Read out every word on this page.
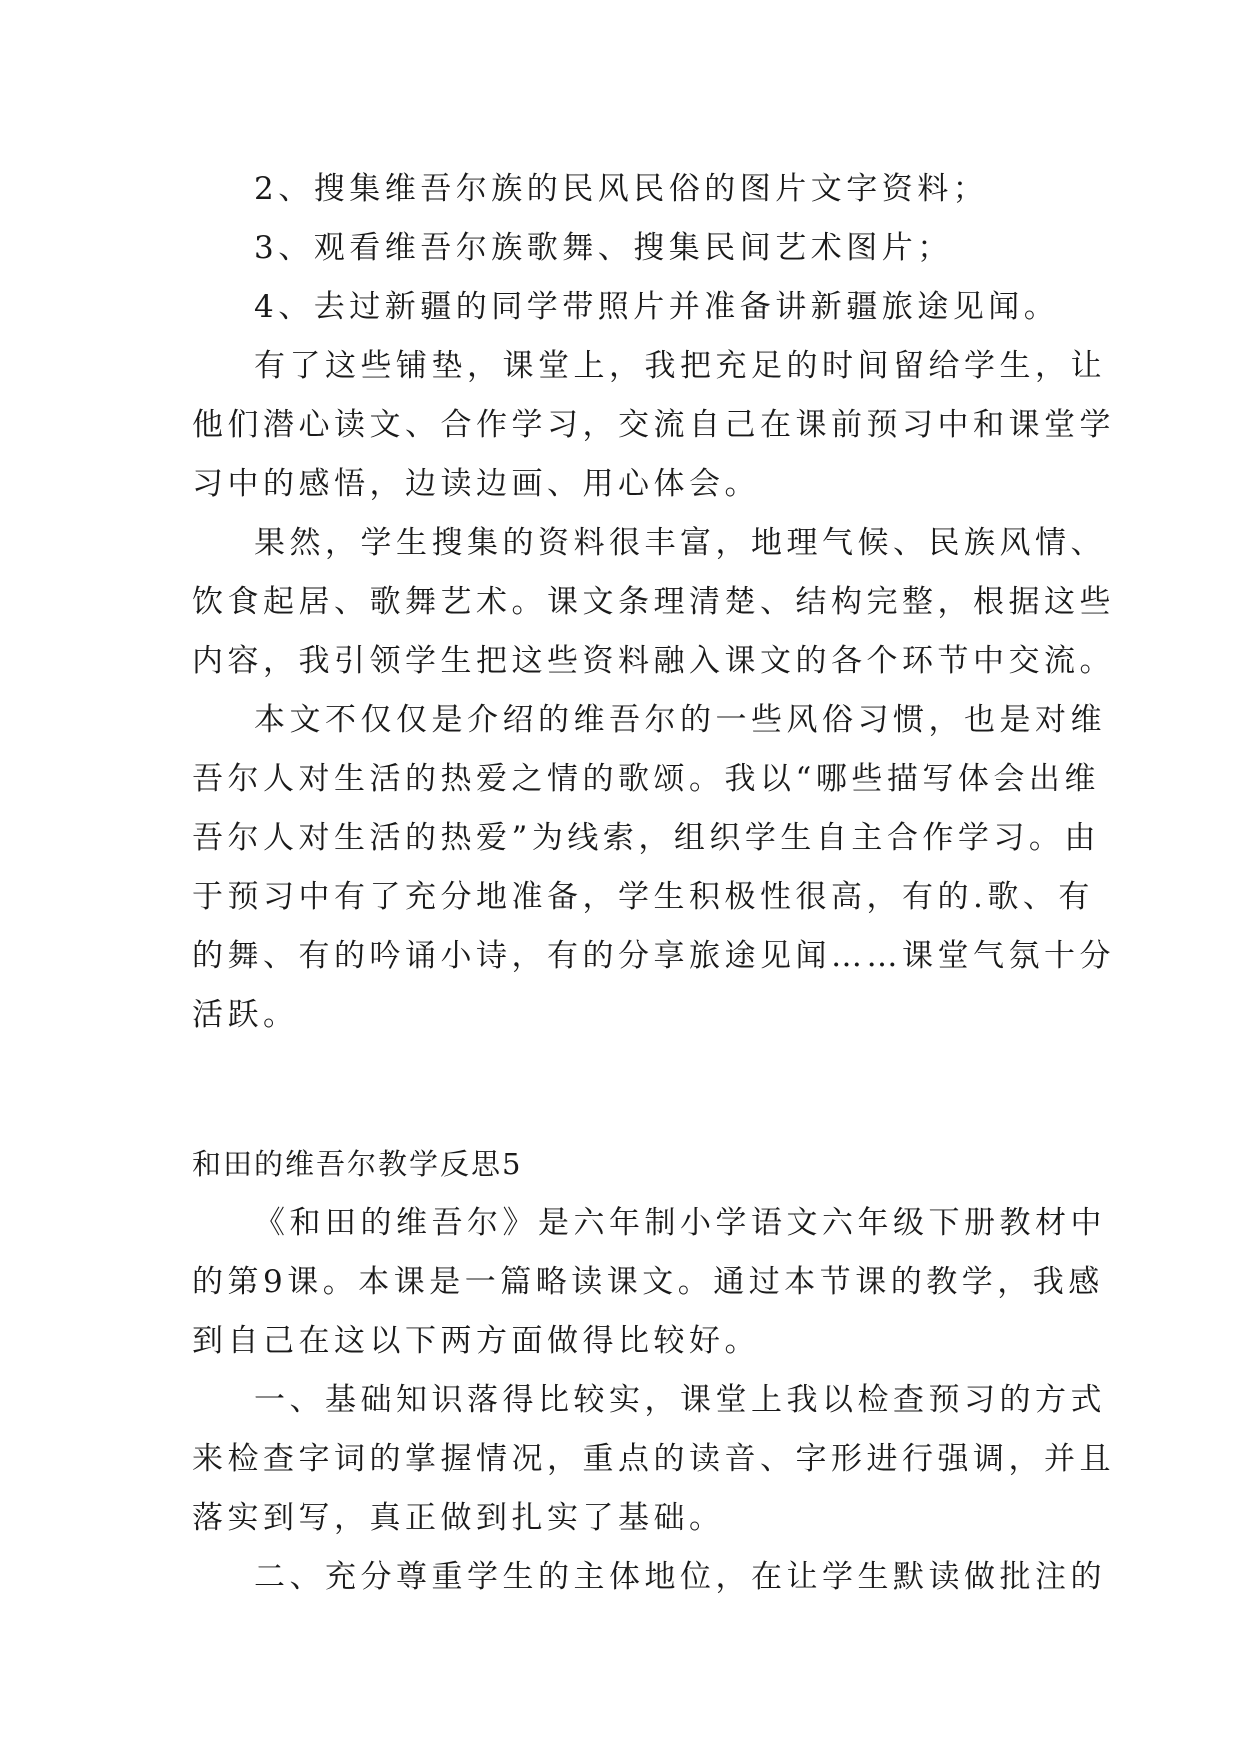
2、搜集维吾尔族的民风民俗的图片文字资料；
3、观看维吾尔族歌舞、搜集民间艺术图片；
4、去过新疆的同学带照片并准备讲新疆旅途见闻。
有了这些铺垫，课堂上，我把充足的时间留给学生，让
他们潜心读文、合作学习，交流自己在课前预习中和课堂学
习中的感悟，边读边画、用心体会。
果然，学生搜集的资料很丰富，地理气候、民族风情、
饮食起居、歌舞艺术。课文条理清楚、结构完整，根据这些
内容，我引领学生把这些资料融入课文的各个环节中交流。
本文不仅仅是介绍的维吾尔的一些风俗习惯，也是对维
吾尔人对生活的热爱之情的歌颂。我以“哪些描写体会出维
吾尔人对生活的热爱”为线索，组织学生自主合作学习。由
于预习中有了充分地准备，学生积极性很高，有的.歌、有
的舞、有的吟诵小诗，有的分享旅途见闻……课堂气氛十分
活跃。
和田的维吾尔教学反思5
《和田的维吾尔》是六年制小学语文六年级下册教材中
的第9课。本课是一篇略读课文。通过本节课的教学，我感
到自己在这以下两方面做得比较好。
一、基础知识落得比较实，课堂上我以检查预习的方式
来检查字词的掌握情况，重点的读音、字形进行强调，并且
落实到写，真正做到扎实了基础。
二、充分尊重学生的主体地位，在让学生默读做批注的
